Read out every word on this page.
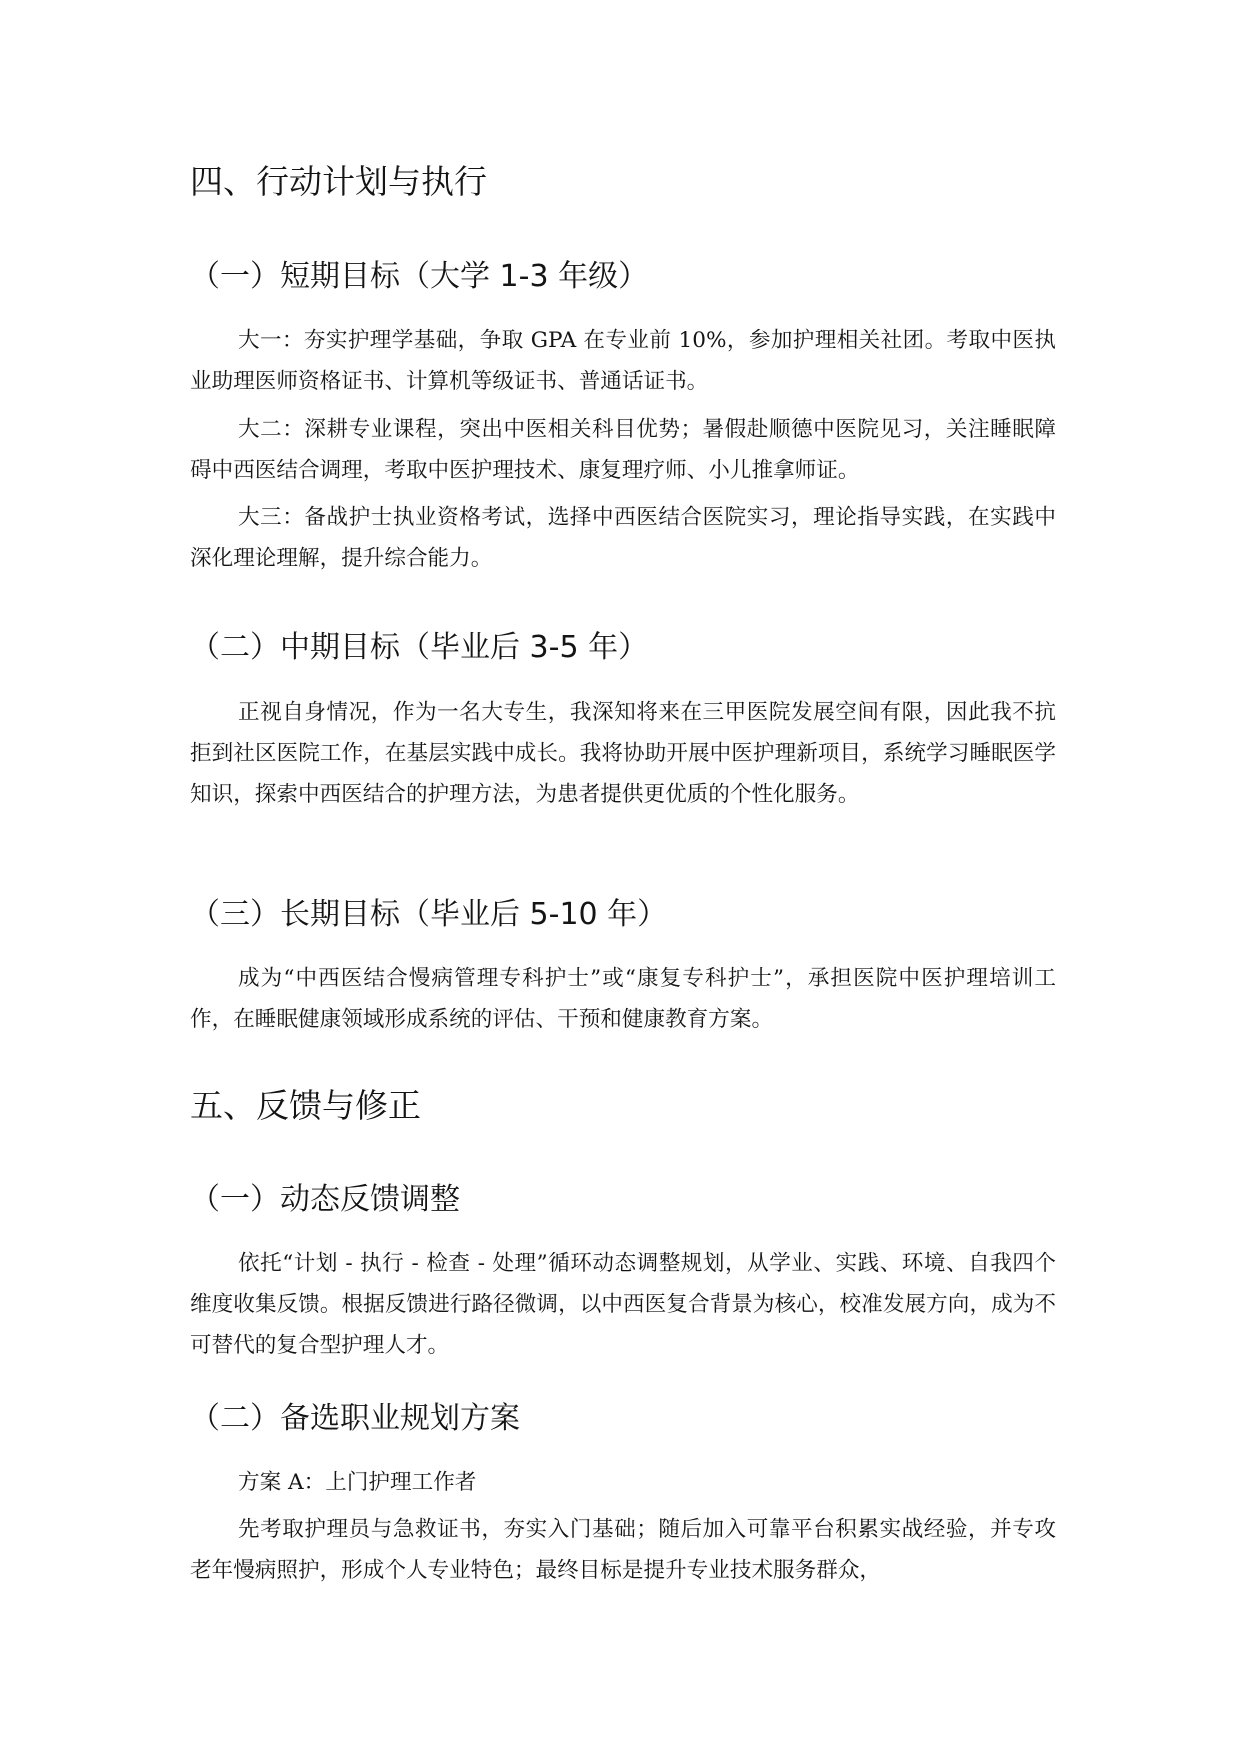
四、行动计划与执行
（一）短期目标（大学 1-3 年级）

大一：夯实护理学基础，争取 GPA 在专业前 10%，参加护理相关社团。考取中医执业助理医师资格证书、计算机等级证书、普通话证书。

大二：深耕专业课程，突出中医相关科目优势；暑假赴顺德中医院见习，关注睡眠障碍中西医结合调理，考取中医护理技术、康复理疗师、小儿推拿师证。

大三：备战护士执业资格考试，选择中西医结合医院实习，理论指导实践，在实践中深化理论理解，提升综合能力。

（二）中期目标（毕业后 3-5 年）

正视自身情况，作为一名大专生，我深知将来在三甲医院发展空间有限，因此我不抗拒到社区医院工作，在基层实践中成长。我将协助开展中医护理新项目，系统学习睡眠医学知识，探索中西医结合的护理方法，为患者提供更优质的个性化服务。

（三）长期目标（毕业后 5-10 年）

成为“中西医结合慢病管理专科护士”或“康复专科护士”，承担医院中医护理培训工作，在睡眠健康领域形成系统的评估、干预和健康教育方案。

五、反馈与修正
（一）动态反馈调整

依托“计划 - 执行 - 检查 - 处理”循环动态调整规划，从学业、实践、环境、自我四个维度收集反馈。根据反馈进行路径微调，以中西医复合背景为核心，校准发展方向，成为不可替代的复合型护理人才。

（二）备选职业规划方案

方案 A：上门护理工作者

先考取护理员与急救证书，夯实入门基础；随后加入可靠平台积累实战经验，并专攻老年慢病照护，形成个人专业特色；最终目标是提升专业技术服务群众，
